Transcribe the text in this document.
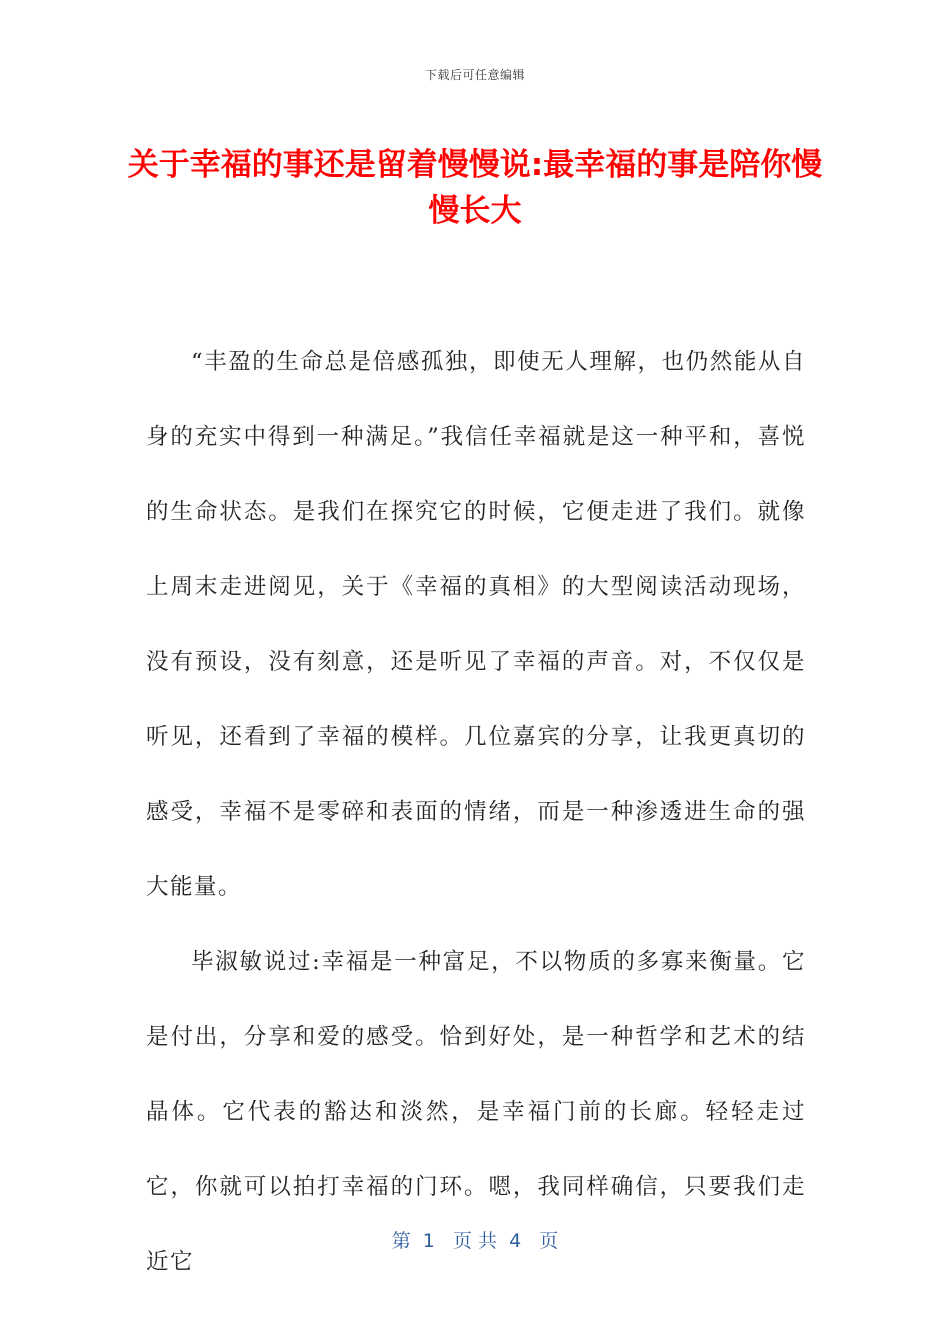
下载后可任意编辑
关于幸福的事还是留着慢慢说:最幸福的事是陪你慢慢长大

“丰盈的生命总是倍感孤独，即使无人理解，也仍然能从自身的充实中得到一种满足。”我信任幸福就是这一种平和，喜悦的生命状态。是我们在探究它的时候，它便走进了我们。就像上周末走进阅见，关于《幸福的真相》的大型阅读活动现场，没有预设，没有刻意，还是听见了幸福的声音。对，不仅仅是听见，还看到了幸福的模样。几位嘉宾的分享，让我更真切的感受，幸福不是零碎和表面的情绪，而是一种渗透进生命的强大能量。

毕淑敏说过:幸福是一种富足，不以物质的多寡来衡量。它是付出，分享和爱的感受。恰到好处，是一种哲学和艺术的结晶体。它代表的豁达和淡然，是幸福门前的长廊。轻轻走过它，你就可以拍打幸福的门环。嗯，我同样确信，只要我们走近它

第  1   页 共  4   页
